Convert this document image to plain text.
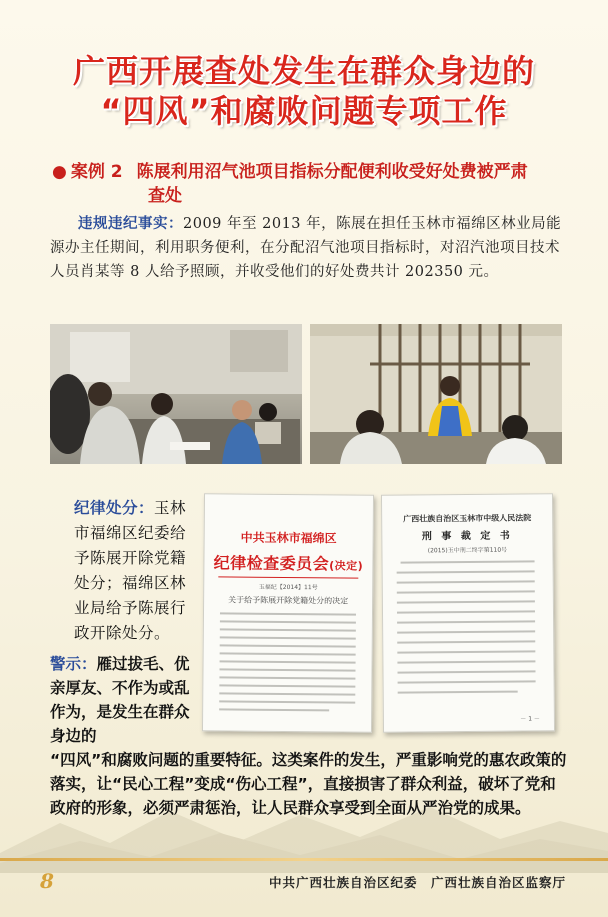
广西开展查处发生在群众身边的
“四风”和腐败问题专项工作
● 案例 2 陈展利用沼气池项目指标分配便利收受好处费被严肃
查处
违规违纪事实：2009 年至 2013 年，陈展在担任玉林市福绵区林业局能源办主任期间，利用职务便利，在分配沼气池项目指标时，对沼汽池项目技术人员肖某等 8 人给予照顾，并收受他们的好处费共计 202350 元。
中共玉林市福绵区
纪律检查委员会(决定)
玉福纪【2014】11号
关于给予陈展开除党籍处分的决定
广西壮族自治区玉林市中级人民法院
刑 事 裁 定 书
(2015)玉中刑二终字第110号
－ 1 －
纪律处分：玉林市福绵区纪委给予陈展开除党籍处分；福绵区林业局给予陈展行政开除处分。
警示：雁过拔毛、优亲厚友、不作为或乱作为，是发生在群众身边的
“四风”和腐败问题的重要特征。这类案件的发生，严重影响党的惠农政策的落实，让“民心工程”变成“伤心工程”，直接损害了群众利益，破坏了党和政府的形象，必须严肃惩治，让人民群众享受到全面从严治党的成果。
8	中共广西壮族自治区纪委　广西壮族自治区监察厅
